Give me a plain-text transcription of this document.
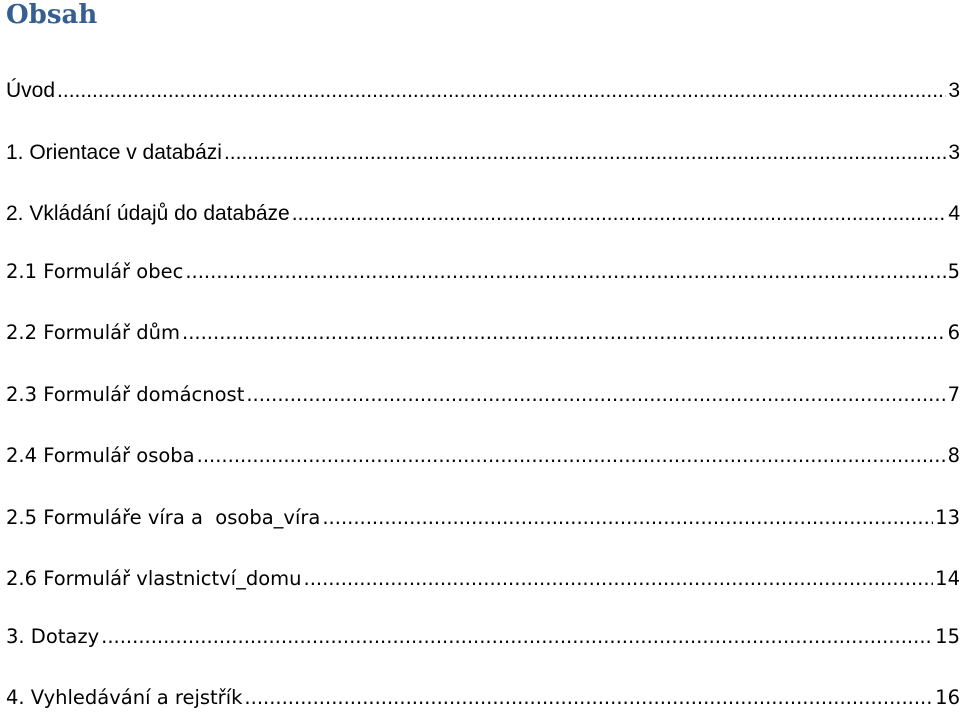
Obsah
Úvod .....	3
1. Orientace v databázi .....	3
2. Vkládání údajů do databáze .....	4
2.1 Formulář obec .....	5
2.2 Formulář dům .....	6
2.3 Formulář domácnost .....	7
2.4 Formulář osoba .....	8
2.5 Formuláře víra a  osoba_víra .....	13
2.6 Formulář vlastnictví_domu .....	14
3. Dotazy .....	15
4. Vyhledávání a rejstřík .....	16
